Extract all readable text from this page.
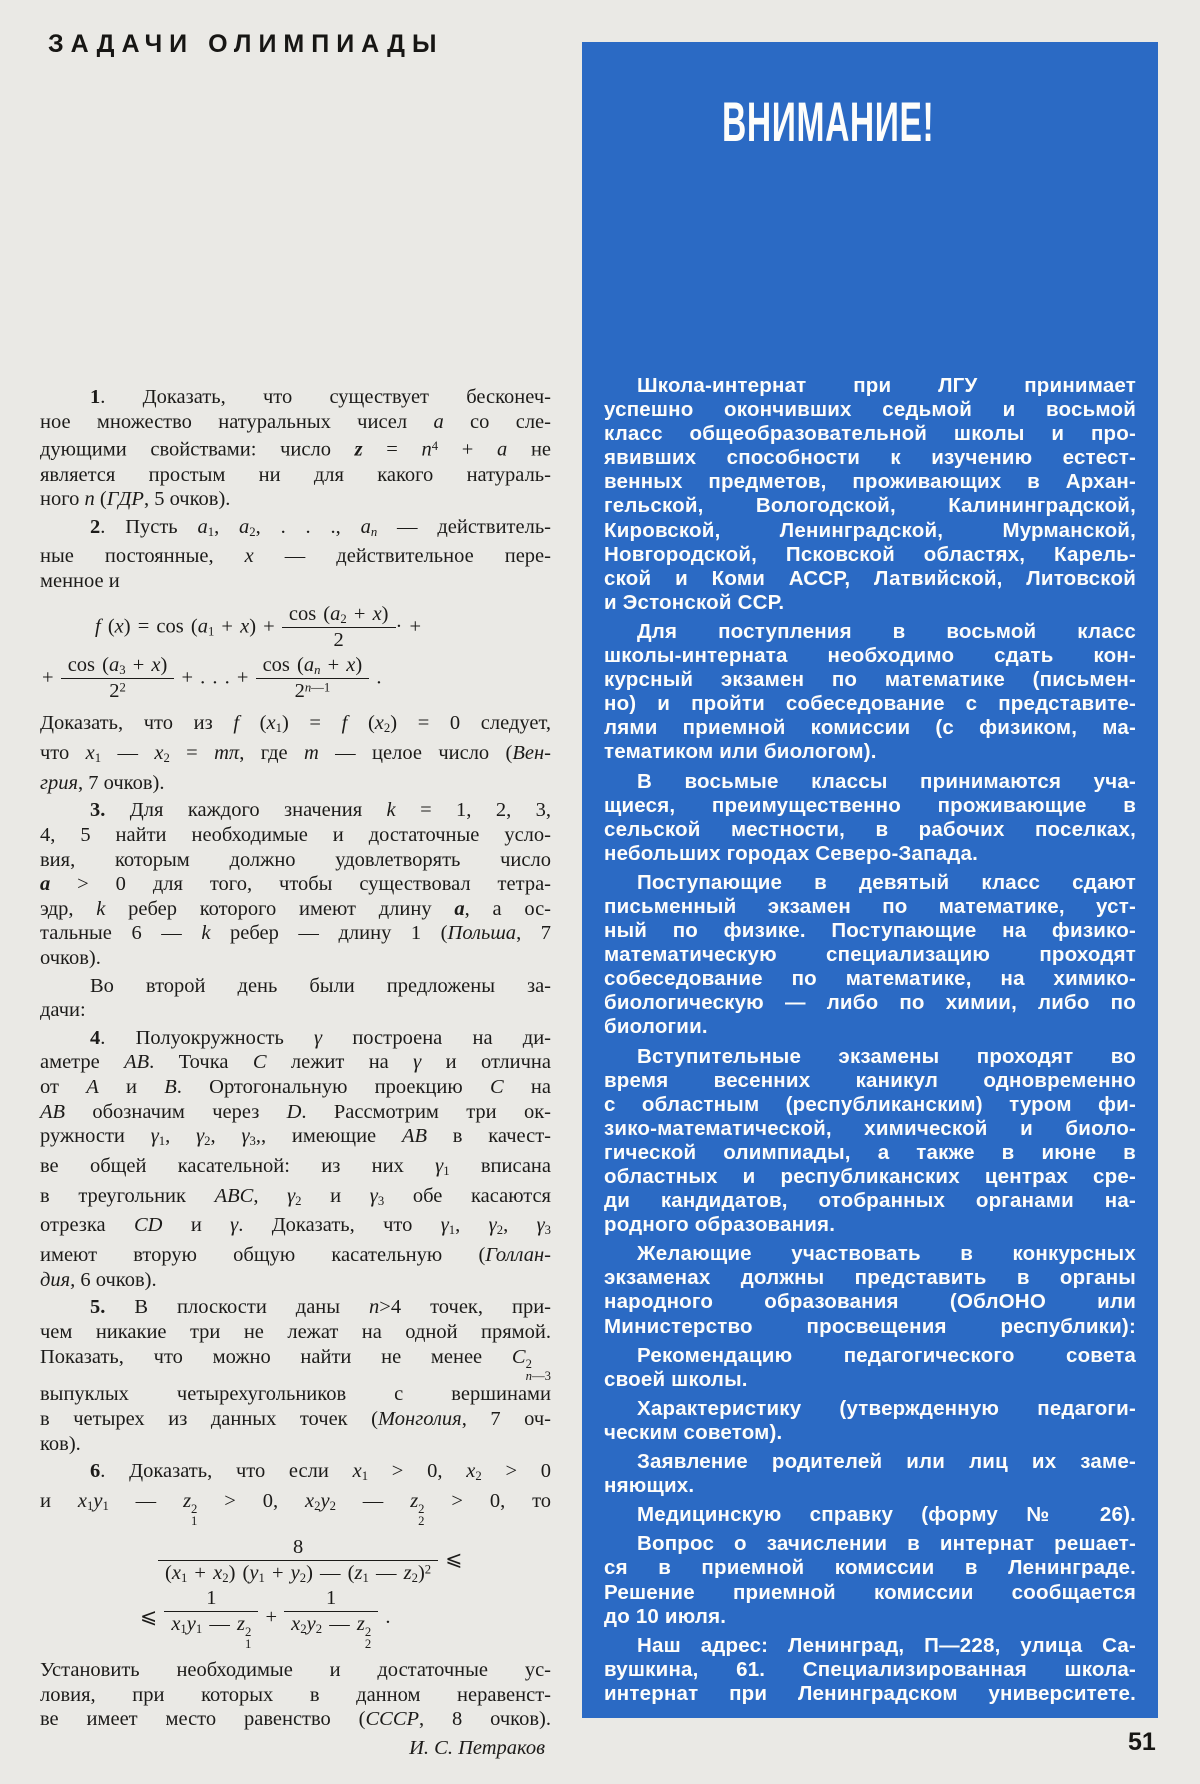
ЗАДАЧИ ОЛИМПИАДЫ
1. Доказать, что существует бесконеч-
ное множество натуральных чисел a со сле-
дующими свойствами: число $z = n^4 + a$ не
является простым ни для какого натураль-
ного n (ГДР, 5 очков).
2. Пусть $a_1$, $a_2$, . . ., $a_n$ — действитель-
ные постоянные, x — действительное пере-
менное и
f $(x) = \cos (a_1 + x) + \frac{\cos (a_2 + x)}{2}$ · +
+ $\frac{\cos (a_3 + x)}{2^2}$ + . . . + $\frac{\cos (a_n + x)}{2^{n—1}}$ .
Доказать, что из f $(x_1) = f$ $(x_2) = 0$ следует,
что $x_1$ — $x_2 = m\pi$, где m — целое число (Вен-
грия, 7 очков).
3. Для каждого значения k = 1, 2, 3,
4, 5 найти необходимые и достаточные усло-
вия, которым должно удовлетворять число
a > 0 для того, чтобы существовал тетра-
эдр, k ребер которого имеют длину a, а ос-
тальные 6 — k ребер — длину 1 (Польша, 7
очков).
Во второй день были предложены за-
дачи:
4. Полуокружность γ построена на ди-
аметре AB. Точка C лежит на γ и отлична
от A и B. Ортогональную проекцию C на
AB обозначим через D. Рассмотрим три ок-
ружности $\gamma_1$, $\gamma_2$, $\gamma_3$,, имеющие AB в качест-
ве общей касательной: из них $\gamma_1$ вписана
в треугольник ABC, $\gamma_2$ и $\gamma_3$ обе касаются
отрезка CD и γ. Доказать, что $\gamma_1$, $\gamma_2$, $\gamma_3$
имеют вторую общую касательную (Голлан-
дия, 6 очков).
5. В плоскости даны n>4 точек, при-
чем никакие три не лежат на одной прямой.
Показать, что можно найти не менее C 2
n—3
выпуклых четырехугольников с вершинами
в четырех из данных точек (Монголия, 7 оч-
ков).
6. Доказать, что если $x_1 > 0$, $x_2 > 0$
и $x_1y_1$ — z 2
1
> 0, $x_2y_2$ — z 2
2
> 0, то
$\frac{8}{(x_1 + x_2) (y_1 + y_2) — (z_1 — z_2)^2}$ ⩽
⩽ 1
$x_1y_1$ — z 2
1 + 1
$x_2y_2$ — z 2
2 .
Установить необходимые и достаточные ус-
ловия, при которых в данном неравенст-
ве имеет место равенство (СССР, 8 очков).
И. С. Петраков
ВНИМАНИЕ!
Школа-интернат при ЛГУ принимает
успешно окончивших седьмой и восьмой
класс общеобразовательной школы и про-
явивших способности к изучению естест-
венных предметов, проживающих в Архан-
гельской, Вологодской, Калининградской,
Кировской, Ленинградской, Мурманской,
Новгородской, Псковской областях, Карель-
ской и Коми АССР, Латвийской, Литовской
и Эстонской ССР.
Для поступления в восьмой класс
школы-интерната необходимо сдать кон-
курсный экзамен по математике (письмен-
но) и пройти собеседование с представите-
лями приемной комиссии (с физиком, ма-
тематиком или биологом).
В восьмые классы принимаются уча-
щиеся, преимущественно проживающие в
сельской местности, в рабочих поселках,
небольших городах Северо-Запада.
Поступающие в девятый класс сдают
письменный экзамен по математике, уст-
ный по физике. Поступающие на физико-
математическую специализацию проходят
собеседование по математике, на химико-
биологическую — либо по химии, либо по
биологии.
Вступительные экзамены проходят во
время весенних каникул одновременно
с областным (республиканским) туром фи-
зико-математической, химической и биоло-
гической олимпиады, а также в июне в
областных и республиканских центрах сре-
ди кандидатов, отобранных органами на-
родного образования.
Желающие участвовать в конкурсных
экзаменах должны представить в органы
народного образования (ОблОНО или
Министерство просвещения республики):
Рекомендацию педагогического совета
своей школы.
Характеристику (утвержденную педагоги-
ческим советом).
Заявление родителей или лиц их заме-
няющих.
Медицинскую справку (форму № 26).
Вопрос о зачислении в интернат решает-
ся в приемной комиссии в Ленинграде.
Решение приемной комиссии сообщается
до 10 июля.
Наш адрес: Ленинград, П—228, улица Са-
вушкина, 61. Специализированная школа-
интернат при Ленинградском университете.
51
